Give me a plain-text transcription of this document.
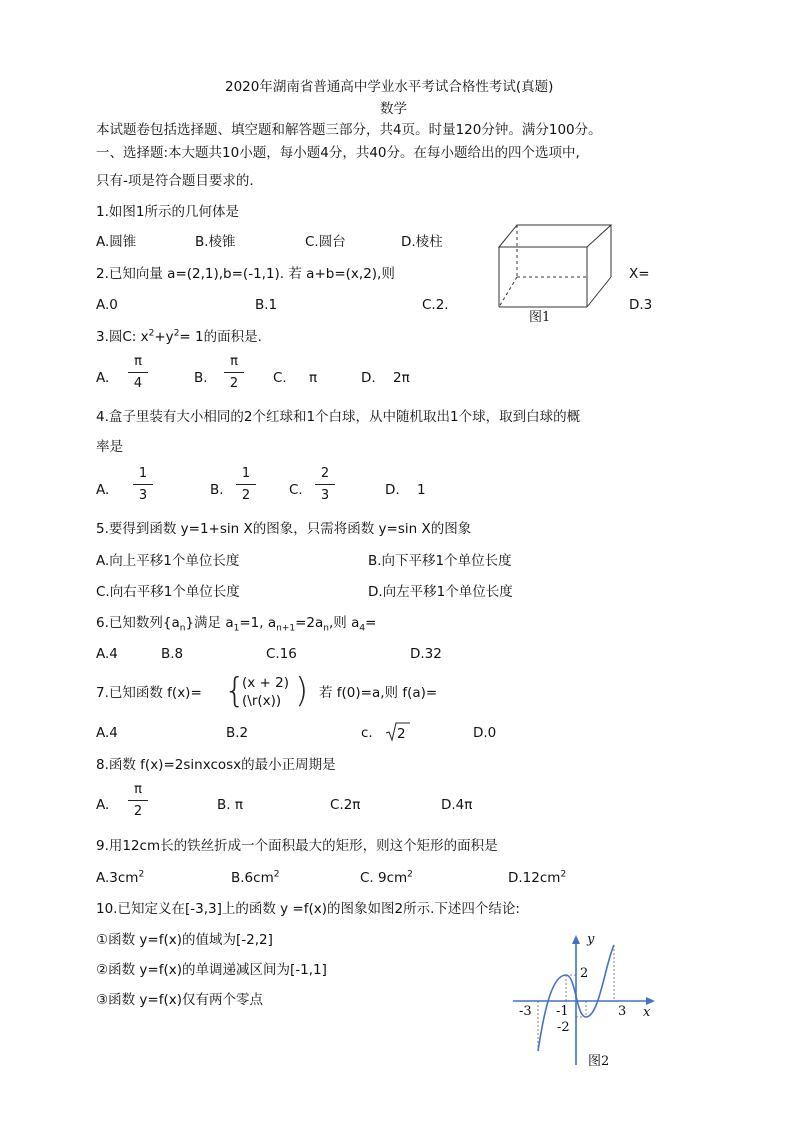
2020年湖南省普通高中学业水平考试合格性考试(真题)
数学
本试题卷包括选择题、填空题和解答题三部分，共4页。时量120分钟。满分100分。
一、选择题:本大题共10小题，每小题4分，共40分。在每小题给出的四个选项中,
只有-项是符合题目要求的.
1.如图1所示的几何体是
A.圆锥	B.棱锥	C.圆台	D.棱柱
图1
2.已知向量 a=(2,1),b=(-1,1). 若 a+b=(x,2),则	X=
A.0	B.1	C.2.	D.3
3.圆C: $x^2+y^2= 1$的面积是.
A. $\frac{\pi}{4}$	B. $\frac{\pi}{2} C$. π	D. 2π
4.盒子里装有大小相同的2个红球和1个白球，从中随机取出1个球，取到白球的概
率是
A. $\frac{1}{3}$	B. $\frac{1}{2} C$. $\frac{2}{3}$	D. 1
5.要得到函数 y=1+sin X的图象，只需将函数 y=sin X的图象
A.向上平移1个单位长度	B.向下平移1个单位长度
C.向右平移1个单位长度	D.向左平移1个单位长度
6.已知数列$\{a_n\}$满足 $a_1=1$, $a_{n+1}=2a_n$,则 $a_4=$
A.4	B.8	C.16	D.32
7.已知函数 f(x)= {
(x + 2)
(\r(x)) ) 若 f(0)=a,则 f(a)=
A.4	B.2	c. 2	D.0
8.函数 f(x)=2sinxcosx的最小正周期是
A. $\frac{\pi}{2}$	B. π	C.2π	D.4π
9.用12cm长的铁丝折成一个面积最大的矩形，则这个矩形的面积是
$A.3cm^2$	$B.6cm^2$	C. $9cm^2$	$D.12cm^2$
10.已知定义在[-3,3]上的函数 y =f(x)的图象如图2所示.下述四个结论:
①函数 y=f(x)的值域为[-2,2]
②函数 y=f(x)的单调递减区间为[-1,1]
③函数 y=f(x)仅有两个零点
y
x
2
-1
-3	3
-2
图2
